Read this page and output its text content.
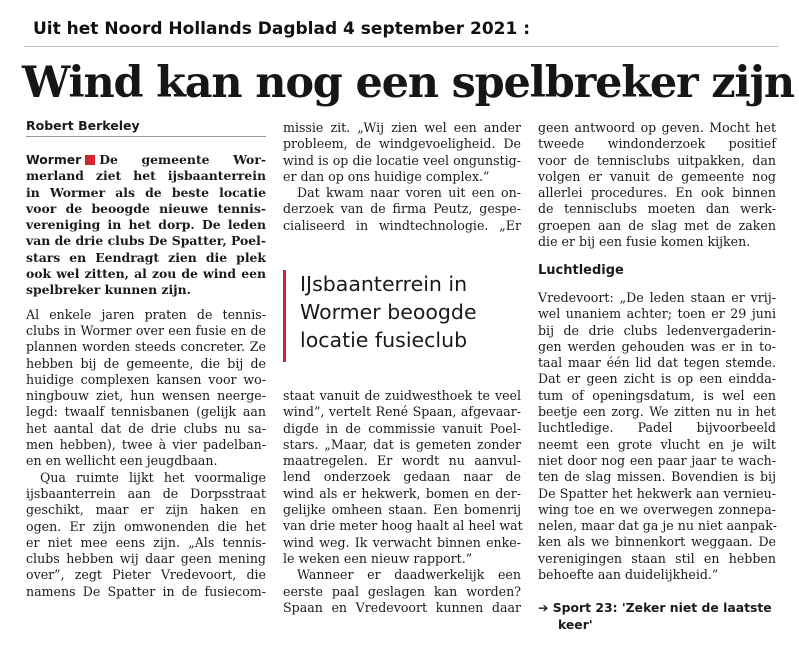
Uit het Noord Hollands Dagblad 4 september 2021 :
Wind kan nog een spelbreker zijn
Robert Berkeley
Wormer De gemeente Wor-
merland ziet het ijsbaanterrein
in Wormer als de beste locatie
voor de beoogde nieuwe tennis-
vereniging in het dorp. De leden
van de drie clubs De Spatter, Poel-
stars en Eendragt zien die plek
ook wel zitten, al zou de wind een
spelbreker kunnen zijn.
Al enkele jaren praten de tennis-
clubs in Wormer over een fusie en de
plannen worden steeds concreter. Ze
hebben bij de gemeente, die bij de
huidige complexen kansen voor wo-
ningbouw ziet, hun wensen neerge-
legd: twaalf tennisbanen (gelijk aan
het aantal dat de drie clubs nu sa-
men hebben), twee à vier padelban-
en en wellicht een jeugdbaan.
Qua ruimte lijkt het voormalige
ijsbaanterrein aan de Dorpsstraat
geschikt, maar er zijn haken en
ogen. Er zijn omwonenden die het
er niet mee eens zijn. „Als tennis-
clubs hebben wij daar geen mening
over”, zegt Pieter Vredevoort, die
namens De Spatter in de fusiecom-
missie zit. „Wij zien wel een ander
probleem, de windgevoeligheid. De
wind is op die locatie veel ongunstig-
er dan op ons huidige complex.”
Dat kwam naar voren uit een on-
derzoek van de firma Peutz, gespe-
cialiseerd in windtechnologie. „Er
IJsbaanterrein in
Wormer beoogde
locatie fusieclub
staat vanuit de zuidwesthoek te veel
wind”, vertelt René Spaan, afgevaar-
digde in de commissie vanuit Poel-
stars. „Maar, dat is gemeten zonder
maatregelen. Er wordt nu aanvul-
lend onderzoek gedaan naar de
wind als er hekwerk, bomen en der-
gelijke omheen staan. Een bomenrij
van drie meter hoog haalt al heel wat
wind weg. Ik verwacht binnen enke-
le weken een nieuw rapport.”
Wanneer er daadwerkelijk een
eerste paal geslagen kan worden?
Spaan en Vredevoort kunnen daar
geen antwoord op geven. Mocht het
tweede windonderzoek positief
voor de tennisclubs uitpakken, dan
volgen er vanuit de gemeente nog
allerlei procedures. En ook binnen
de tennisclubs moeten dan werk-
groepen aan de slag met de zaken
die er bij een fusie komen kijken.
Luchtledige
Vredevoort: „De leden staan er vrij-
wel unaniem achter; toen er 29 juni
bij de drie clubs ledenvergaderin-
gen werden gehouden was er in to-
taal maar één lid dat tegen stemde.
Dat er geen zicht is op een einddа-
tum of openingsdatum, is wel een
beetje een zorg. We zitten nu in het
luchtledige. Padel bijvoorbeeld
neemt een grote vlucht en je wilt
niet door nog een paar jaar te wach-
ten de slag missen. Bovendien is bij
De Spatter het hekwerk aan vernieu-
wing toe en we overwegen zonnepa-
nelen, maar dat ga je nu niet aanpak-
ken als we binnenkort weggaan. De
verenigingen staan stil en hebben
behoefte aan duidelijkheid.”
➔ Sport 23: 'Zeker niet de laatste
keer'
